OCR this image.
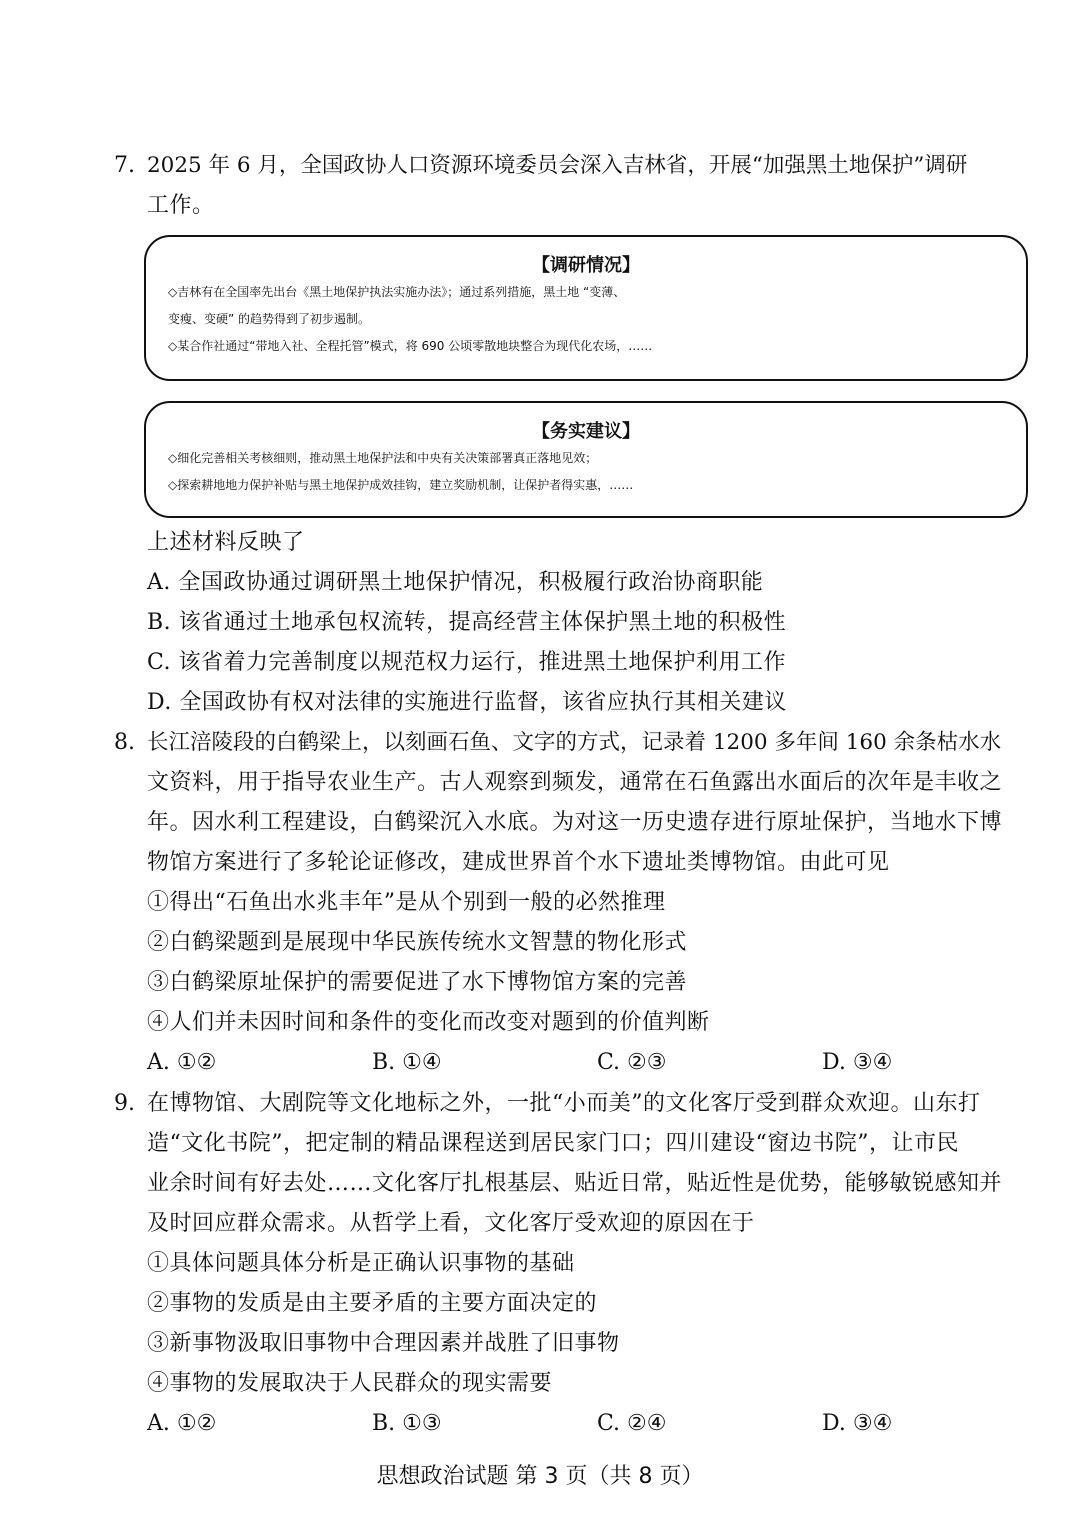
7. 2025 年 6 月，全国政协人口资源环境委员会深入吉林省，开展“加强黑土地保护”调研
工作。
【调研情况】
◇吉林有在全国率先出台《黑土地保护执法实施办法》；通过系列措施，黑土地 “变薄、
变瘦、变硬” 的趋势得到了初步遏制。
◇某合作社通过“带地入社、全程托管”模式，将 690 公顷零散地块整合为现代化农场，……
【务实建议】
◇细化完善相关考核细则，推动黑土地保护法和中央有关决策部署真正落地见效；
◇探索耕地地力保护补贴与黑土地保护成效挂钩，建立奖励机制，让保护者得实惠，……
上述材料反映了
A. 全国政协通过调研黑土地保护情况，积极履行政治协商职能
B. 该省通过土地承包权流转，提高经营主体保护黑土地的积极性
C. 该省着力完善制度以规范权力运行，推进黑土地保护利用工作
D. 全国政协有权对法律的实施进行监督，该省应执行其相关建议
8. 长江涪陵段的白鹤梁上，以刻画石鱼、文字的方式，记录着 1200 多年间 160 余条枯水水
文资料，用于指导农业生产。古人观察到频发，通常在石鱼露出水面后的次年是丰收之
年。因水利工程建设，白鹤梁沉入水底。为对这一历史遗存进行原址保护，当地水下博
物馆方案进行了多轮论证修改，建成世界首个水下遗址类博物馆。由此可见
①得出“石鱼出水兆丰年”是从个别到一般的必然推理
②白鹤梁题到是展现中华民族传统水文智慧的物化形式
③白鹤梁原址保护的需要促进了水下博物馆方案的完善
④人们并未因时间和条件的变化而改变对题到的价值判断
A. ①②	B. ①④	C. ②③	D. ③④
9. 在博物馆、大剧院等文化地标之外，一批“小而美”的文化客厅受到群众欢迎。山东打
造“文化书院”，把定制的精品课程送到居民家门口；四川建设“窗边书院”，让市民
业余时间有好去处……文化客厅扎根基层、贴近日常，贴近性是优势，能够敏锐感知并
及时回应群众需求。从哲学上看，文化客厅受欢迎的原因在于
①具体问题具体分析是正确认识事物的基础
②事物的发质是由主要矛盾的主要方面决定的
③新事物汲取旧事物中合理因素并战胜了旧事物
④事物的发展取决于人民群众的现实需要
A. ①②	B. ①③	C. ②④	D. ③④
思想政治试题 第 3 页（共 8 页）
